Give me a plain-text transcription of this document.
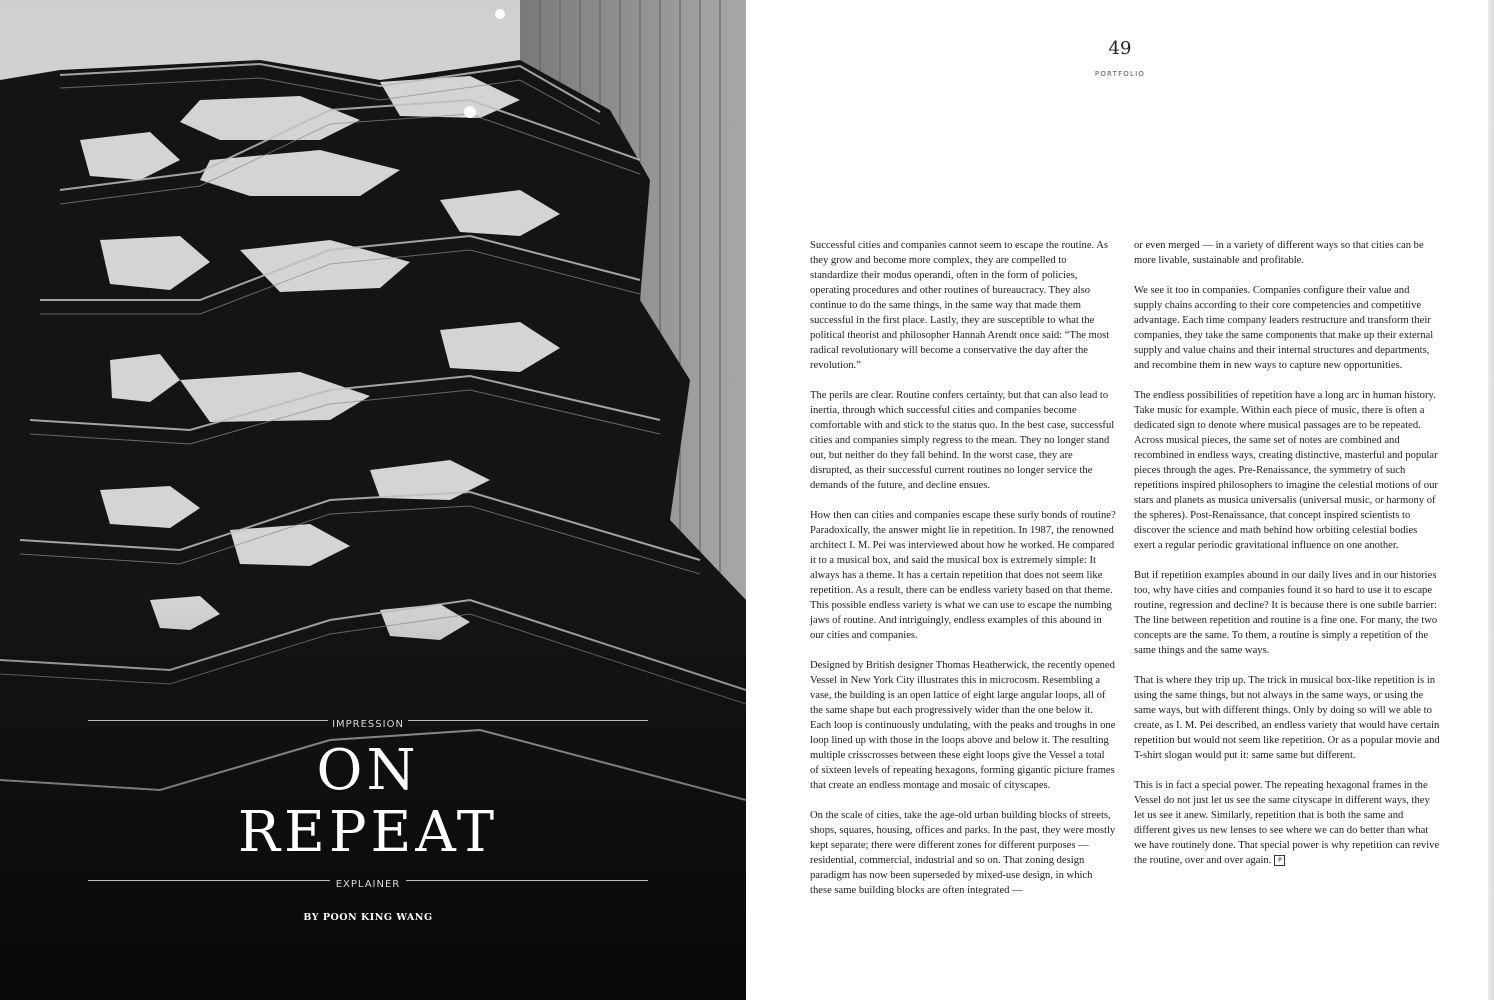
IMPRESSION
ON
REPEAT
EXPLAINER
BY POON KING WANG
49
PORTFOLIO

Successful cities and companies cannot seem to escape the routine. As they grow and become more complex, they are compelled to standardize their modus operandi, often in the form of policies, operating procedures and other routines of bureaucracy. They also continue to do the same things, in the same way that made them successful in the first place. Lastly, they are susceptible to what the political theorist and philosopher Hannah Arendt once said: “The most radical revolutionary will become a conservative the day after the revolution.”

The perils are clear. Routine confers certainty, but that can also lead to inertia, through which successful cities and companies become comfortable with and stick to the status quo. In the best case, successful cities and companies simply regress to the mean. They no longer stand out, but neither do they fall behind. In the worst case, they are disrupted, as their successful current routines no longer service the demands of the future, and decline ensues.

How then can cities and companies escape these surly bonds of routine? Paradoxically, the answer might lie in repetition. In 1987, the renowned architect I. M. Pei was interviewed about how he worked. He compared it to a musical box, and said the musical box is extremely simple: It always has a theme. It has a certain repetition that does not seem like repetition. As a result, there can be endless variety based on that theme. This possible endless variety is what we can use to escape the numbing jaws of routine. And intriguingly, endless examples of this abound in our cities and companies.

Designed by British designer Thomas Heatherwick, the recently opened Vessel in New York City illustrates this in microcosm. Resembling a vase, the building is an open lattice of eight large angular loops, all of the same shape but each progressively wider than the one below it. Each loop is continuously undulating, with the peaks and troughs in one loop lined up with those in the loops above and below it. The resulting multiple crisscrosses between these eight loops give the Vessel a total of sixteen levels of repeating hexagons, forming gigantic picture frames that create an endless montage and mosaic of cityscapes.

On the scale of cities, take the age-old urban building blocks of streets, shops, squares, housing, offices and parks. In the past, they were mostly kept separate; there were different zones for different purposes — residential, commercial, industrial and so on. That zoning design paradigm has now been superseded by mixed-use design, in which these same building blocks are often integrated —

or even merged — in a variety of different ways so that cities can be more livable, sustainable and profitable.

We see it too in companies. Companies configure their value and supply chains according to their core competencies and competitive advantage. Each time company leaders restructure and transform their companies, they take the same components that make up their external supply and value chains and their internal structures and departments, and recombine them in new ways to capture new opportunities.

The endless possibilities of repetition have a long arc in human history. Take music for example. Within each piece of music, there is often a dedicated sign to denote where musical passages are to be repeated. Across musical pieces, the same set of notes are combined and recombined in endless ways, creating distinctive, masterful and popular pieces through the ages. Pre-Renaissance, the symmetry of such repetitions inspired philosophers to imagine the celestial motions of our stars and planets as musica universalis (universal music, or harmony of the spheres). Post-Renaissance, that concept inspired scientists to discover the science and math behind how orbiting celestial bodies exert a regular periodic gravitational influence on one another.

But if repetition examples abound in our daily lives and in our histories too, why have cities and companies found it so hard to use it to escape routine, regression and decline? It is because there is one subtle barrier: The line between repetition and routine is a fine one. For many, the two concepts are the same. To them, a routine is simply a repetition of the same things and the same ways.

That is where they trip up. The trick in musical box-like repetition is in using the same things, but not always in the same ways, or using the same ways, but with different things. Only by doing so will we able to create, as I. M. Pei described, an endless variety that would have certain repetition but would not seem like repetition. Or as a popular movie and T-shirt slogan would put it: same same but different.

This is in fact a special power. The repeating hexagonal frames in the Vessel do not just let us see the same cityscape in different ways, they let us see it anew. Similarly, repetition that is both the same and different gives us new lenses to see where we can do better than what we have routinely done. That special power is why repetition can revive the routine, over and over again. P
